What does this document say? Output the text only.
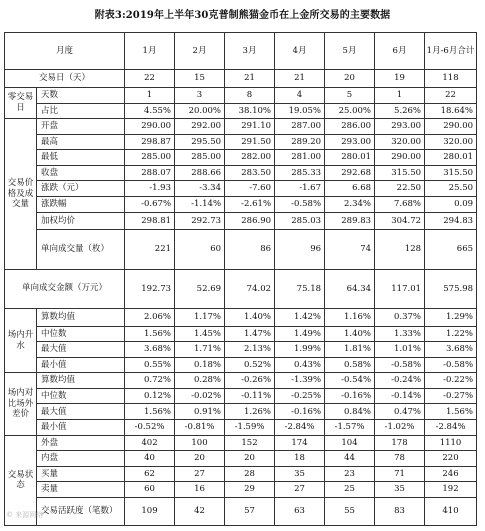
附表3:2019年上半年30克普制熊猫金币在上金所交易的主要数据
月度		1月	2月	3月	4月	5月	6月	1月-6月合计
交易日（天）		22	15	21	21	20	19	118
零交易日	天数	1	3	8	4	5	1	22
	占比	4.55%	20.00%	38.10%	19.05%	25.00%	5.26%	18.64%
交易价格及成交量	开盘	290.00	292.00	291.10	287.00	286.00	293.00	290.00
	最高	298.87	295.50	291.50	289.20	293.00	320.00	320.00
	最低	285.00	285.00	282.00	281.00	280.01	290.00	280.01
	收盘	288.07	288.66	283.50	285.33	292.68	315.50	315.50
	涨跌（元）	-1.93	-3.34	-7.60	-1.67	6.68	22.50	25.50
	涨跌幅	-0.67%	-1.14%	-2.61%	-0.58%	2.34%	7.68%	0.09
	加权均价	298.81	292.73	286.90	285.03	289.83	304.72	294.83
	单向成交量（枚）	221	60	86	96	74	128	665
单向成交金额（万元）		192.73	52.69	74.02	75.18	64.34	117.01	575.98
场内升水	算数均值	2.06%	1.17%	1.40%	1.42%	1.16%	0.37%	1.29%
	中位数	1.56%	1.45%	1.47%	1.49%	1.40%	1.33%	1.22%
	最大值	3.68%	1.71%	2.13%	1.99%	1.81%	1.01%	3.68%
	最小值	0.55%	0.18%	0.52%	0.43%	0.58%	-0.58%	-0.58%
场内对比场外差价	算数均值	0.72%	0.28%	-0.26%	-1.39%	-0.54%	-0.24%	-0.22%
	中位数	0.12%	-0.02%	-0.11%	-0.25%	-0.16%	-0.14%	-0.27%
	最大值	1.56%	0.91%	1.26%	-0.16%	0.84%	0.47%	1.56%
	最小值	-0.52%	-0.81%	-1.59%	-2.84%	-1.57%	-1.02%	-2.84%
交易状态	外盘	402	100	152	174	104	178	1110
	内盘	40	20	20	18	44	78	220
	买量	62	27	28	35	23	71	246
	卖量	60	16	29	27	25	35	192
	交易活跃度（笔数）	109	42	57	63	55	83	410
© 来源网络
